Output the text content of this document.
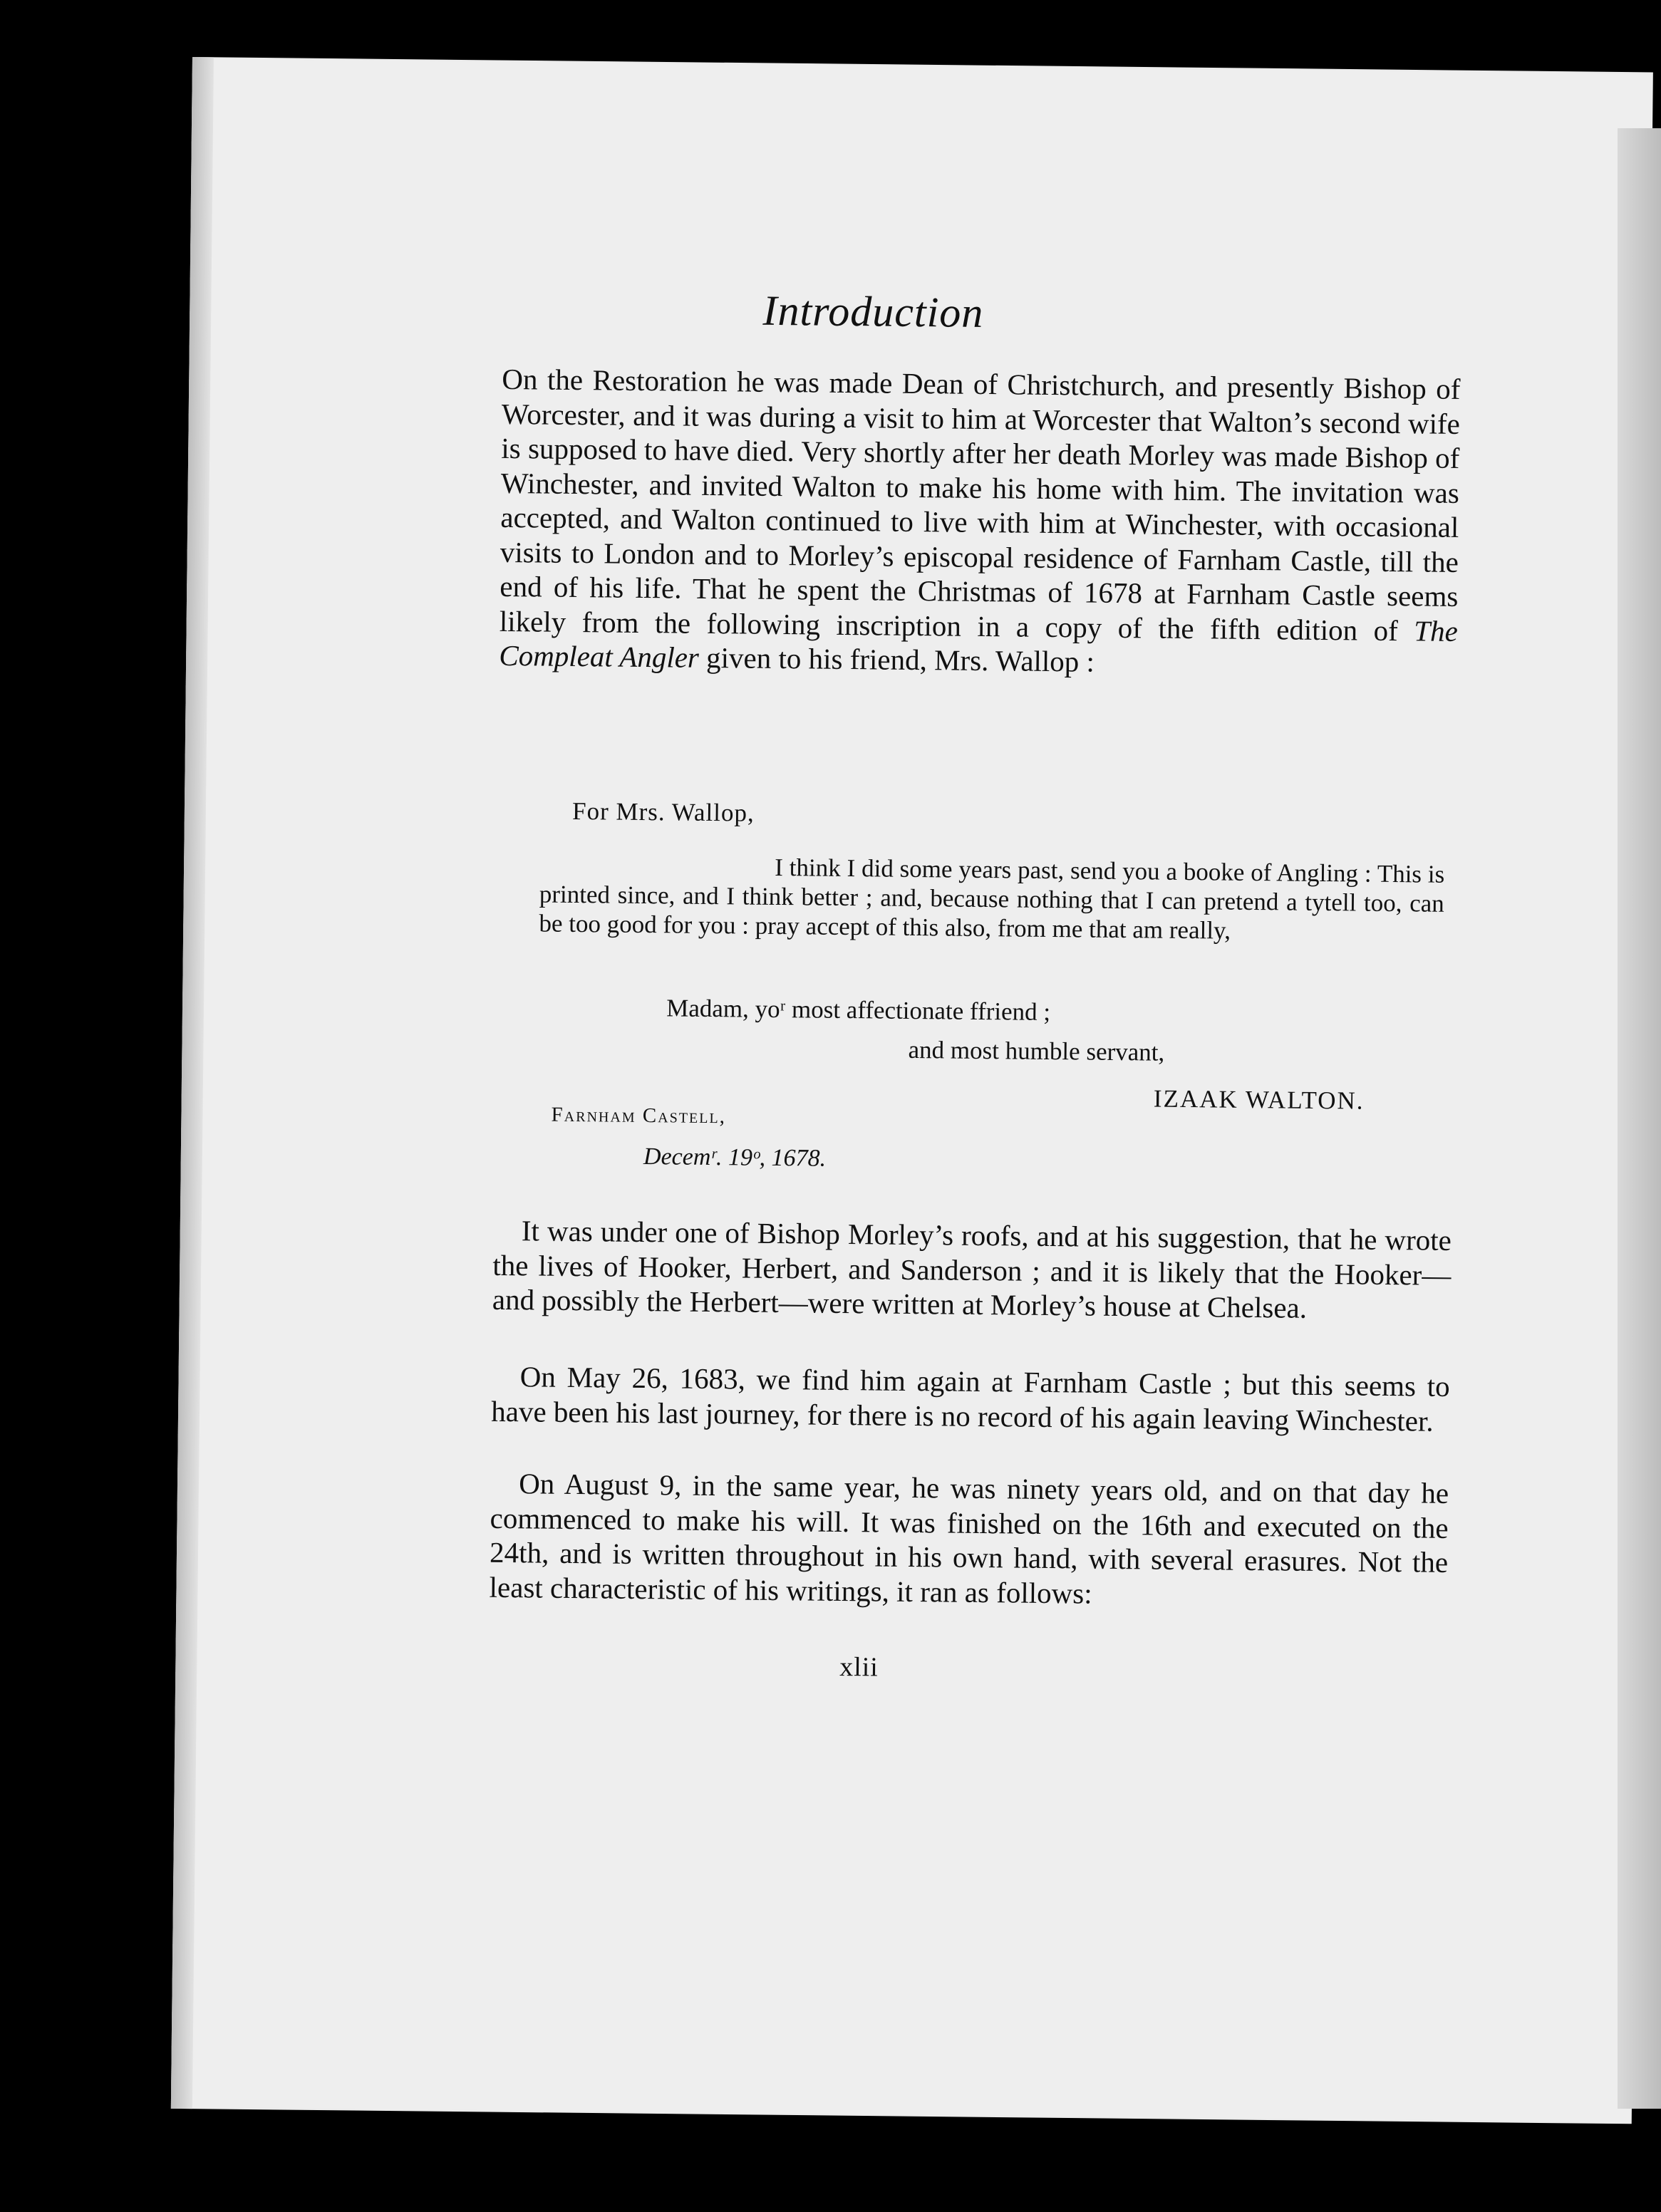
Introduction

On the Restoration he was made Dean of Christchurch, and presently Bishop of Worcester, and it was during a visit to him at Worcester that Walton’s second wife is supposed to have died. Very shortly after her death Morley was made Bishop of Winchester, and invited Walton to make his home with him. The invitation was accepted, and Walton continued to live with him at Winchester, with occasional visits to London and to Morley’s episcopal residence of Farnham Castle, till the end of his life. That he spent the Christmas of 1678 at Farnham Castle seems likely from the following inscription in a copy of the fifth edition of The Compleat Angler given to his friend, Mrs. Wallop :

For Mrs. Wallop,

I think I did some years past, send you a booke of Angling : This is printed since, and I think better ; and, because nothing that I can pretend a tytell too, can be too good for you : pray accept of this also, from me that am really,

Madam, yoʳ most affectionate ffriend ;
and most humble servant,
IZAAK WALTON.
Farnham Castell,
Decemʳ. 19ᵒ, 1678.

It was under one of Bishop Morley’s roofs, and at his suggestion, that he wrote the lives of Hooker, Herbert, and Sanderson ; and it is likely that the Hooker—and possibly the Herbert—were written at Morley’s house at Chelsea.

On May 26, 1683, we find him again at Farnham Castle ; but this seems to have been his last journey, for there is no record of his again leaving Winchester.

On August 9, in the same year, he was ninety years old, and on that day he commenced to make his will. It was finished on the 16th and executed on the 24th, and is written throughout in his own hand, with several erasures. Not the least characteristic of his writings, it ran as follows:

xlii
